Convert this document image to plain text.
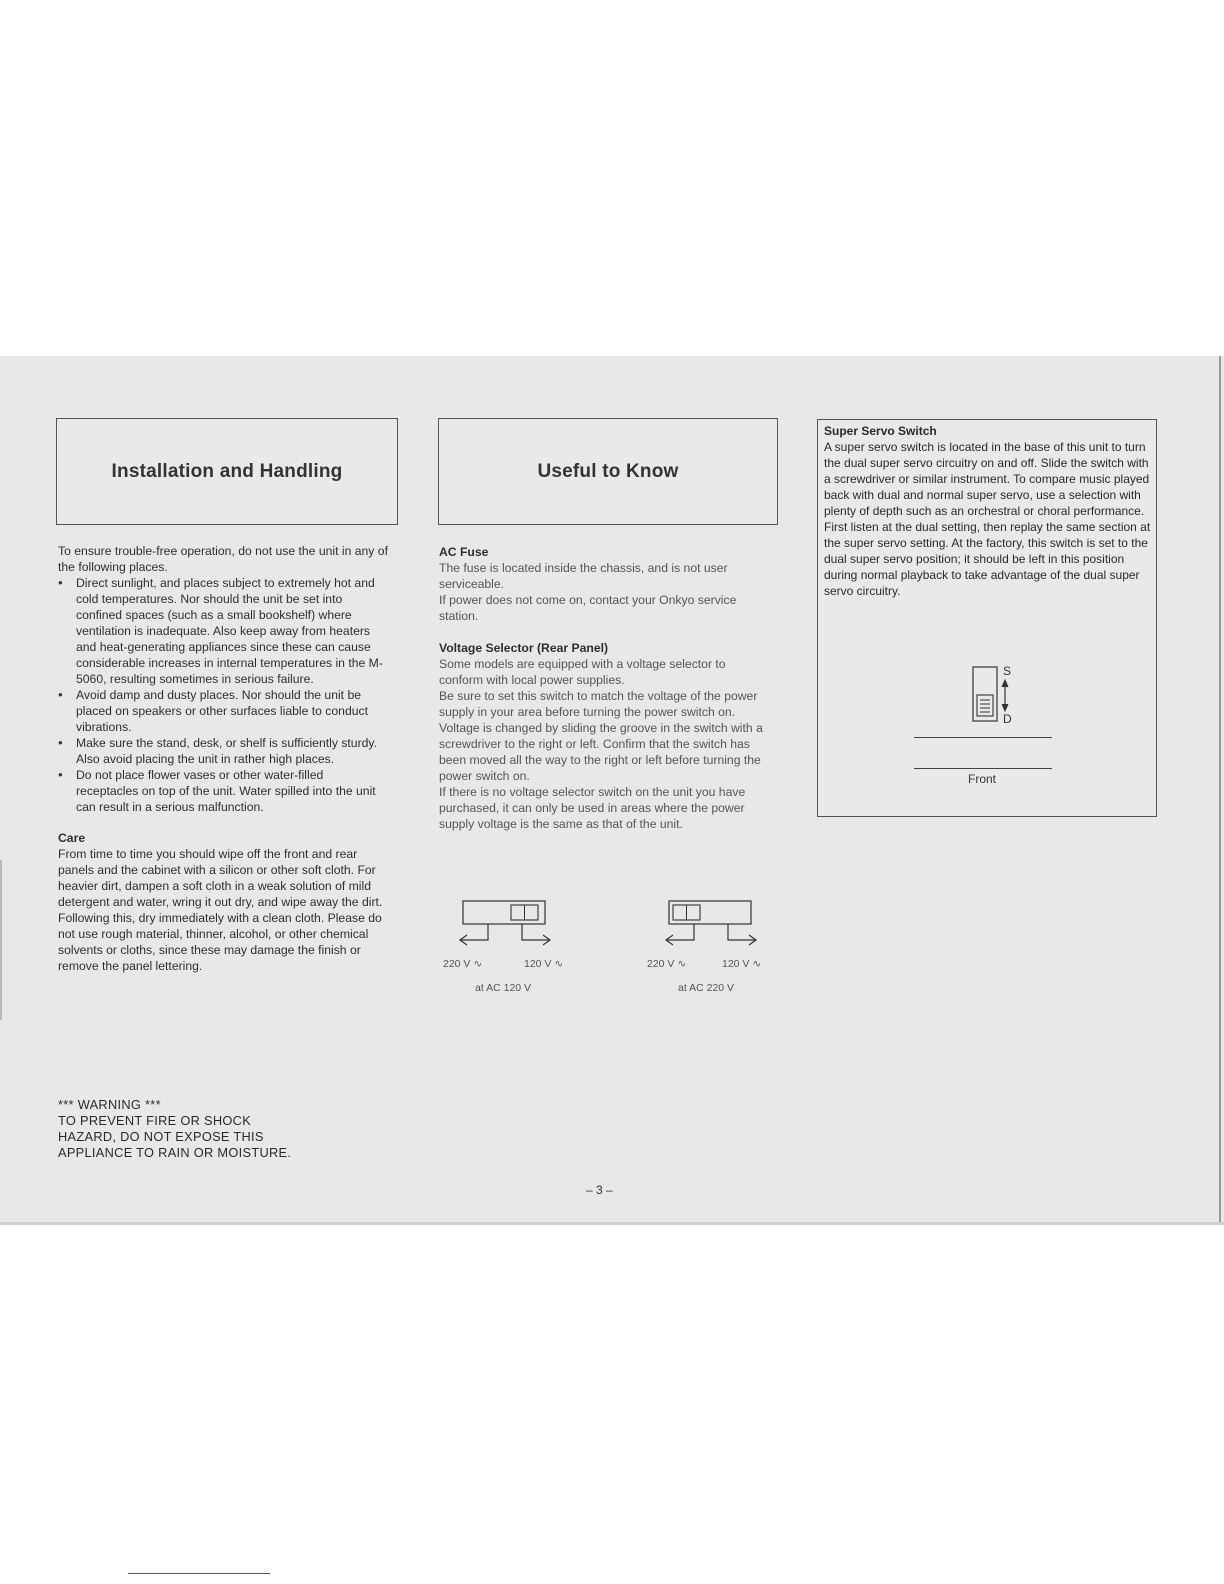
Installation and Handling

To ensure trouble-free operation, do not use the unit in any of the following places.

● Direct sunlight, and places subject to extremely hot and cold temperatures. Nor should the unit be set into confined spaces (such as a small bookshelf) where ventilation is inadequate. Also keep away from heaters and heat-generating appliances since these can cause considerable increases in internal temperatures in the M-5060, resulting sometimes in serious failure.

● Avoid damp and dusty places. Nor should the unit be placed on speakers or other surfaces liable to conduct vibrations.

● Make sure the stand, desk, or shelf is sufficiently sturdy. Also avoid placing the unit in rather high places.

● Do not place flower vases or other water-filled receptacles on top of the unit. Water spilled into the unit can result in a serious malfunction.

Care

From time to time you should wipe off the front and rear panels and the cabinet with a silicon or other soft cloth. For heavier dirt, dampen a soft cloth in a weak solution of mild detergent and water, wring it out dry, and wipe away the dirt. Following this, dry immediately with a clean cloth. Please do not use rough material, thinner, alcohol, or other chemical solvents or cloths, since these may damage the finish or remove the panel lettering.

Useful to Know

AC Fuse

The fuse is located inside the chassis, and is not user serviceable.

If power does not come on, contact your Onkyo service station.

Voltage Selector (Rear Panel)

Some models are equipped with a voltage selector to conform with local power supplies.

Be sure to set this switch to match the voltage of the power supply in your area before turning the power switch on.

Voltage is changed by sliding the groove in the switch with a screwdriver to the right or left. Confirm that the switch has been moved all the way to the right or left before turning the power switch on.

If there is no voltage selector switch on the unit you have purchased, it can only be used in areas where the power supply voltage is the same as that of the unit.

220 V ∿	120 V ∿
at AC 120 V
220 V ∿	120 V ∿
at AC 220 V

Super Servo Switch

A super servo switch is located in the base of this unit to turn the dual super servo circuitry on and off. Slide the switch with a screwdriver or similar instrument. To compare music played back with dual and normal super servo, use a selection with plenty of depth such as an orchestral or choral performance. First listen at the dual setting, then replay the same section at the super servo setting. At the factory, this switch is set to the dual super servo position; it should be left in this position during normal playback to take advantage of the dual super servo circuitry.

S
D
Front
*** WARNING ***
TO PREVENT FIRE OR SHOCK
HAZARD, DO NOT EXPOSE THIS
APPLIANCE TO RAIN OR MOISTURE.
– 3 –
